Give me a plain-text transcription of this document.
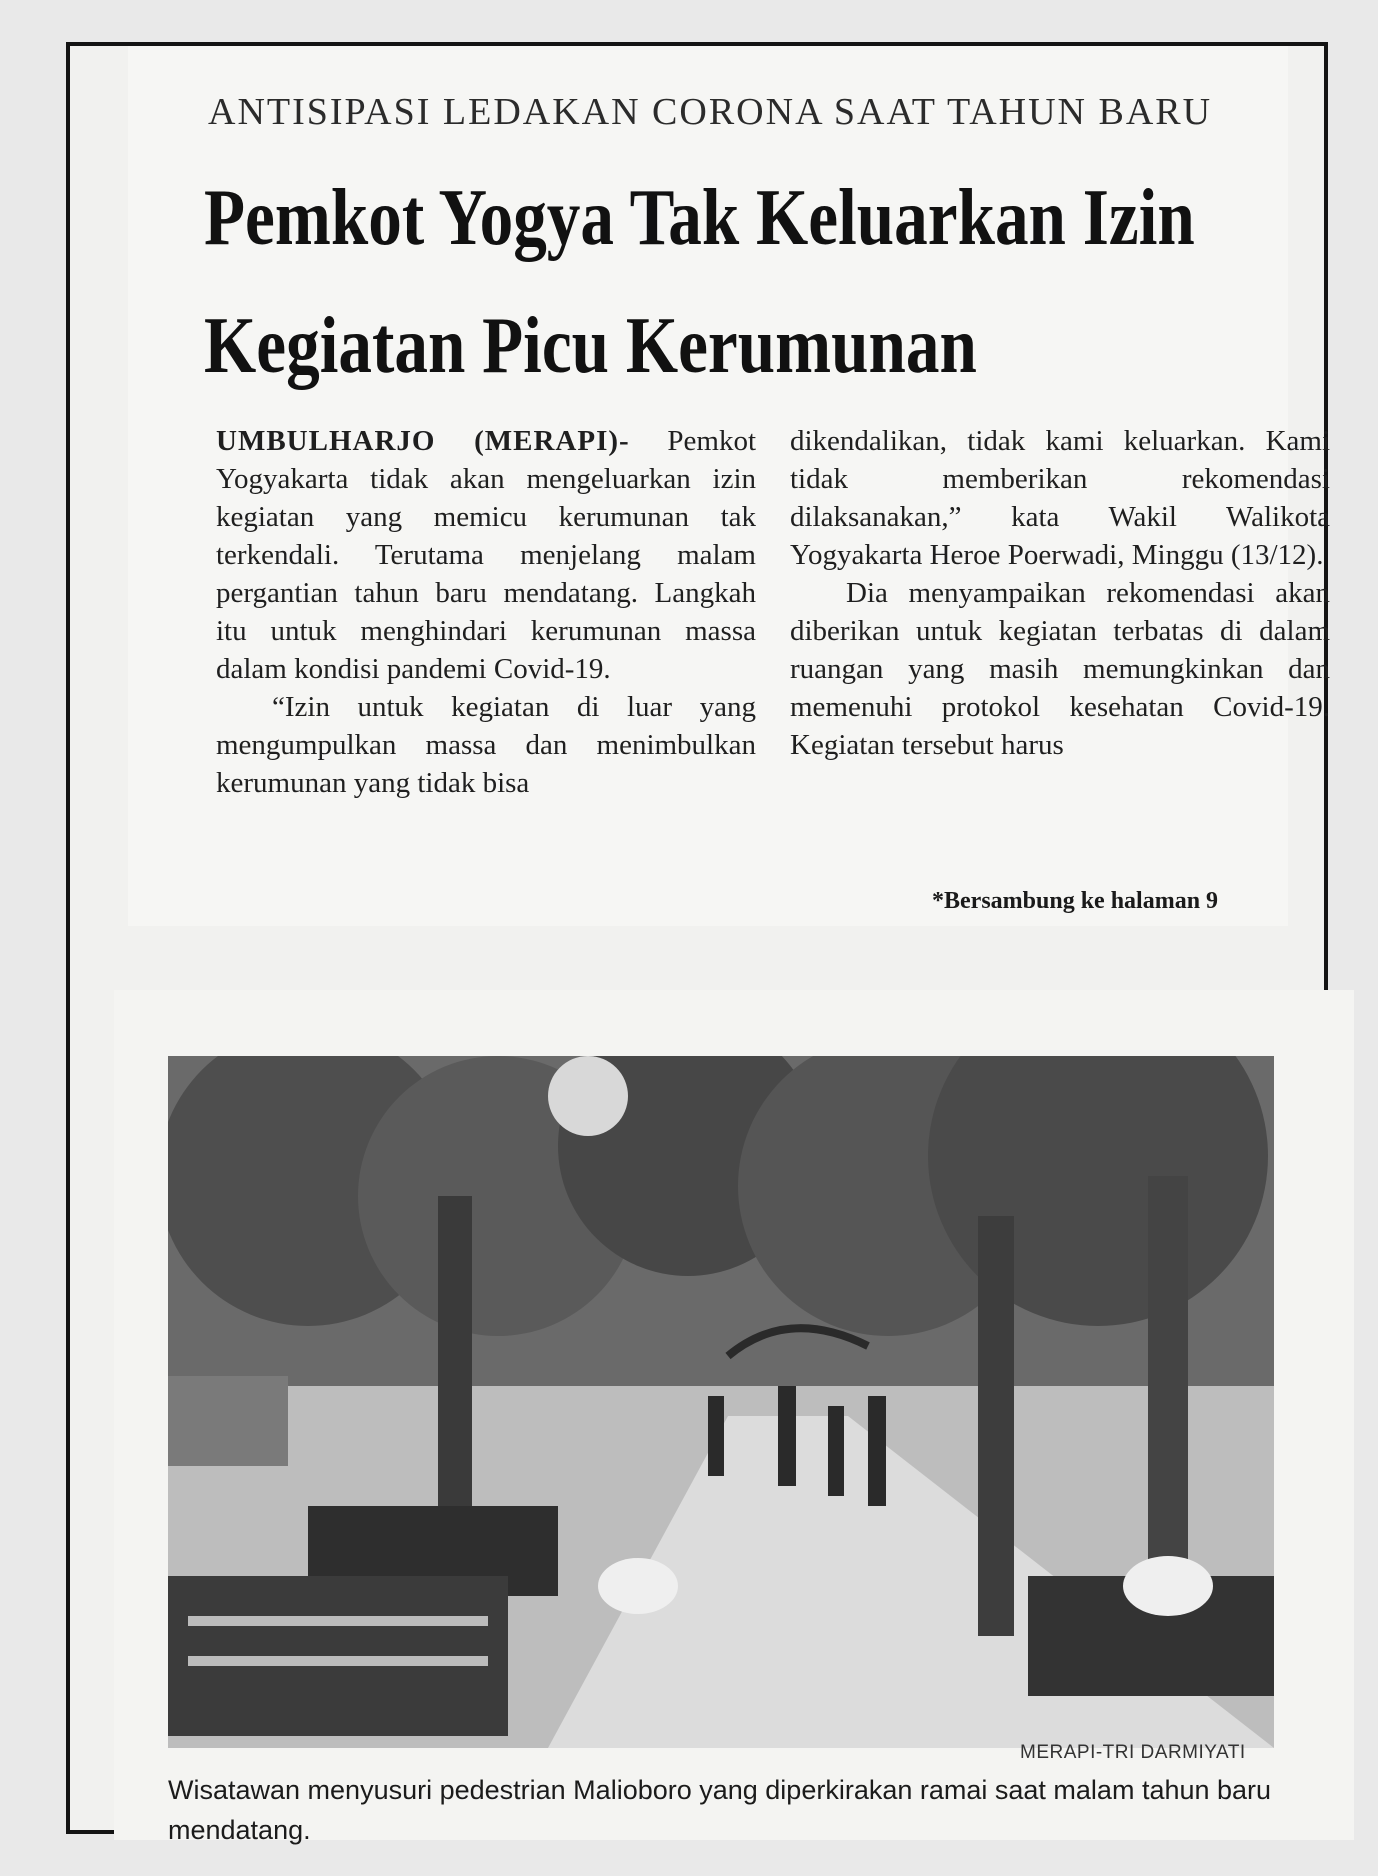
ANTISIPASI LEDAKAN CORONA SAAT TAHUN BARU
Pemkot Yogya Tak Keluarkan Izin
Kegiatan Picu Kerumunan

UMBULHARJO (MERAPI)- Pemkot Yogyakarta tidak akan mengeluarkan izin kegiatan yang memicu kerumunan tak terkendali. Terutama menjelang malam pergantian tahun baru mendatang. Langkah itu untuk menghindari kerumunan massa dalam kondisi pandemi Covid-19.

“Izin untuk kegiatan di luar yang mengumpulkan massa dan menimbulkan kerumunan yang tidak bisa

dikendalikan, tidak kami keluarkan. Kami tidak memberikan rekomendasi dilaksanakan,” kata Wakil Walikota Yogyakarta Heroe Poerwadi, Minggu (13/12).

Dia menyampaikan rekomendasi akan diberikan untuk kegiatan terbatas di dalam ruangan yang masih memungkinkan dan memenuhi protokol kesehatan Covid-19. Kegiatan tersebut harus

*Bersambung ke halaman 9
MERAPI-TRI DARMIYATI
Wisatawan menyusuri pedestrian Malioboro yang diperkirakan ramai saat malam tahun baru mendatang.
